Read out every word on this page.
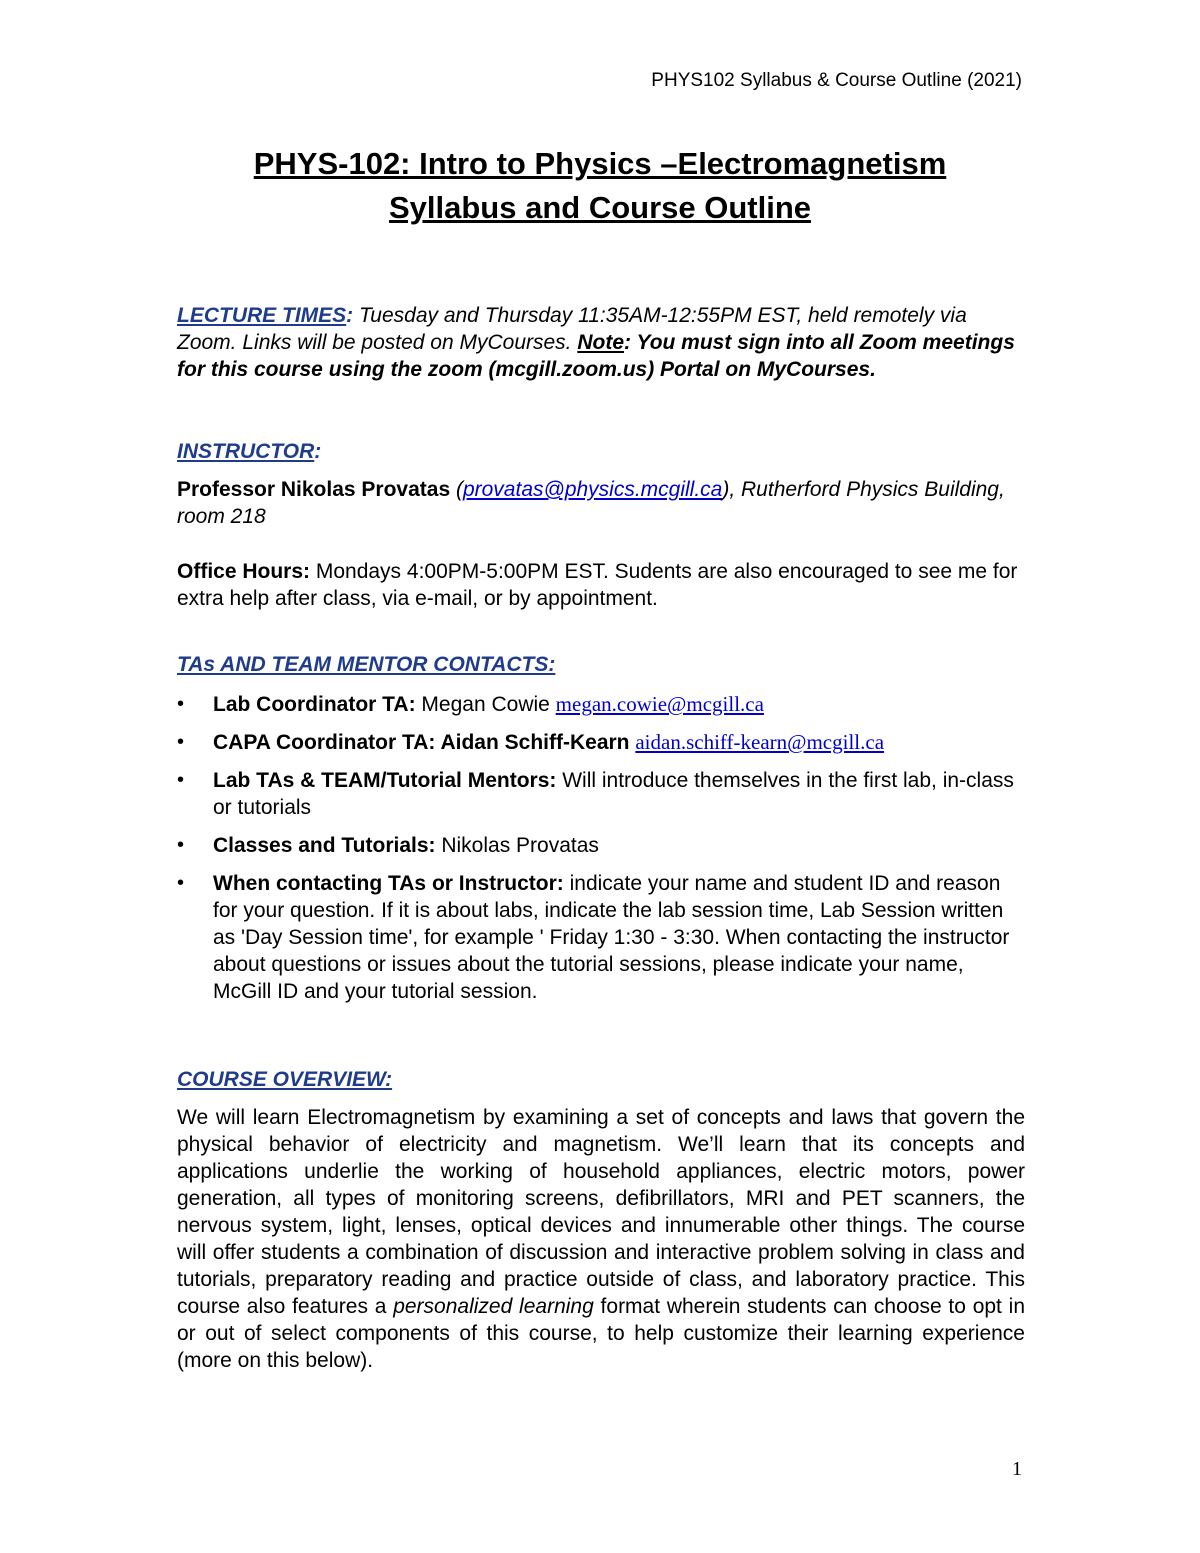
PHYS102 Syllabus & Course Outline (2021)
PHYS-102: Intro to Physics –Electromagnetism
Syllabus and Course Outline
LECTURE TIMES: Tuesday and Thursday 11:35AM-12:55PM EST, held remotely via Zoom. Links will be posted on MyCourses. Note: You must sign into all Zoom meetings for this course using the zoom (mcgill.zoom.us) Portal on MyCourses.
INSTRUCTOR:
Professor Nikolas Provatas (provatas@physics.mcgill.ca), Rutherford Physics Building, room 218
Office Hours: Mondays 4:00PM-5:00PM EST. Sudents are also encouraged to see me for extra help after class, via e-mail, or by appointment.
TAs AND TEAM MENTOR CONTACTS:
• Lab Coordinator TA: Megan Cowie megan.cowie@mcgill.ca
• CAPA Coordinator TA: Aidan Schiff-Kearn aidan.schiff-kearn@mcgill.ca
• Lab TAs & TEAM/Tutorial Mentors: Will introduce themselves in the first lab, in-class or tutorials
• Classes and Tutorials: Nikolas Provatas
• When contacting TAs or Instructor: indicate your name and student ID and reason for your question. If it is about labs, indicate the lab session time, Lab Session written as 'Day Session time', for example ' Friday 1:30 - 3:30. When contacting the instructor about questions or issues about the tutorial sessions, please indicate your name, McGill ID and your tutorial session.
COURSE OVERVIEW:
We will learn Electromagnetism by examining a set of concepts and laws that govern the physical behavior of electricity and magnetism. We’ll learn that its concepts and applications underlie the working of household appliances, electric motors, power generation, all types of monitoring screens, defibrillators, MRI and PET scanners, the nervous system, light, lenses, optical devices and innumerable other things. The course will offer students a combination of discussion and interactive problem solving in class and tutorials, preparatory reading and practice outside of class, and laboratory practice. This course also features a personalized learning format wherein students can choose to opt in or out of select components of this course, to help customize their learning experience (more on this below).
1
